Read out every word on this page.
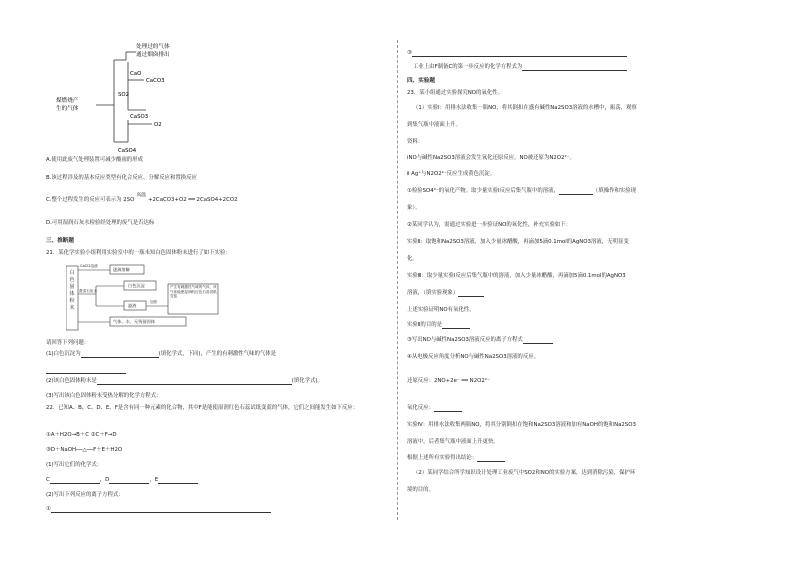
处理过的气体
通过烟囱排出
煤燃烧产
生的气体
CaCO3
CaO
SO2
CaSO3
O2
CaSO4
A.使用此废气处理装置可减少酸雨的形成
B.该过程涉及的基本反应类型有化合反应、分解反应和置换反应
C.整个过程发生的反应可表示为 2SO高温+2CaCO3+O2 ══ 2CaSO4+2CO2
D.可用湿润石灰水检验经处理的废气是否达标
三、推断题
21．某化学实验小组利用实验室中的一瓶未知白色固体粉末进行了如下实验：
白色固体粉末
CaCl2溶液
逐滴溶解
澄清石灰水
白色沉淀
滤液
加热
产生有刺激性气味的气体，该气体能使湿润的红色石蕊试纸变蓝
气体、水、无残留固体
请回答下列问题：
(1)白色沉淀为	(填化学式，下同)，产生的有刺激性气味的气体是
(2)该白色固体粉末是	(填化学式)。
(3)写出该白色固体粉末受热分解的化学方程式：
22．已知A、B、C、D、E、F是含有同一种元素的化合物，其中F是能使湿润红色石蕊试纸变蓝的气体，它们之间能发生如下反应：
①A＋H2O→B＋C ②C＋F→D
③D＋NaOH──△──F＋E＋H2O
(1)写出它们的化学式：
C	，D	，E
(2)写出下列反应的离子方程式：
①
③
工业上由F制备C的第一步反应的化学方程式为
四、实验题
23．某小组通过实验探究NO的氧化性。
（1）实验Ⅰ：用排水法收集一瓶NO，将其倒扣在盛有碱性Na2SO3溶液的水槽中，振荡，观察
到集气瓶中液面上升。
资料：
ⅰNO与碱性Na2SO3溶液会发生氧化还原反应，NO被还原为N2O2²⁻。
ⅱ Ag⁺与N2O2²⁻反应生成黄色沉淀。
①检验SO4²⁻的氧化产物。取少量实验Ⅰ反应后集气瓶中的溶液，	（填操作和实验现
象）。
②某同学认为，需通过实验进一步验证NO的氧化性，补充实验如下：
实验Ⅱ：取饱和Na2SO3溶液，加入少量冰醋酸，再滴加5滴0.1mol的AgNO3溶液，无明显变
化。
实验Ⅲ：取少量实验Ⅰ反应后集气瓶中的溶液，加入少量冰醋酸，再滴加5滴0.1mol的AgNO3
溶液，（填实验现象）
上述实验证明NO有氧化性。
实验Ⅱ的目的是
③写出NO与碱性Na2SO3溶液反应的离子方程式
④从电极反应角度分析NO与碱性Na2SO3溶液的反应。
还原反应：2NO+2e⁻ ══ N2O2²⁻
氧化反应：
实验Ⅳ：用排水法收集两瓶NO，将其分别倒扣在饱和Na2SO3溶液和加有NaOH的饱和Na2SO3
溶液中，后者集气瓶中液面上升更快。
根据上述所有实验得出结论：
（2）某同学结合所学知识设计处理工业废气中SO2和NO的实验方案，达到消除污染，保护环
境的目的。
